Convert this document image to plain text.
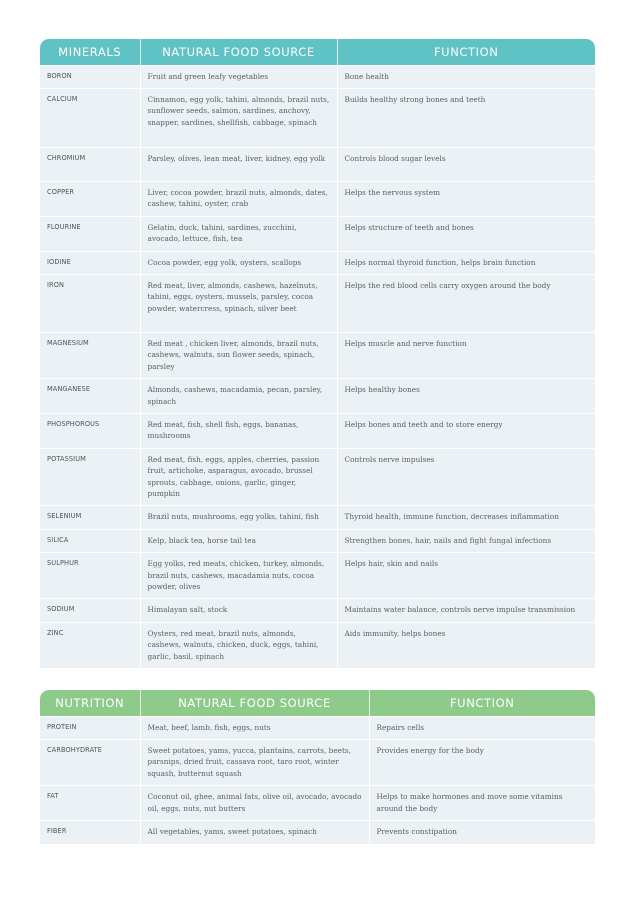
MINERALS	NATURAL FOOD SOURCE	FUNCTION
BORON	Fruit and green leafy vegetables	Bone health
CALCIUM	Cinnamon, egg yolk, tahini, almonds, brazil nuts, sunflower seeds, salmon, sardines, anchovy, snapper, sardines, shellfish, cabbage, spinach	Builds healthy strong bones and teeth
CHROMIUM	Parsley, olives, lean meat, liver, kidney, egg yolk	Controls blood sugar levels
COPPER	Liver, cocoa powder, brazil nuts, almonds, dates, cashew, tahini, oyster, crab	Helps the nervous system
FLOURINE	Gelatin, duck, tahini, sardines, zucchini, avocado, lettuce, fish, tea	Helps structure of teeth and bones
IODINE	Cocoa powder, egg yolk, oysters, scallops	Helps normal thyroid function, helps brain function
IRON	Red meat, liver, almonds, cashews, hazelnuts, tahini, eggs, oysters, mussels, parsley, cocoa powder, watercress, spinach, silver beet	Helps the red blood cells carry oxygen around the body
MAGNESIUM	Red meat , chicken liver, almonds, brazil nuts, cashews, walnuts, sun flower seeds, spinach, parsley	Helps muscle and nerve function
MANGANESE	Almonds, cashews, macadamia, pecan, parsley, spinach	Helps healthy bones
PHOSPHOROUS	Red meat, fish, shell fish, eggs, bananas, mushrooms	Helps bones and teeth and to store energy
POTASSIUM	Red meat, fish, eggs, apples, cherries, passion fruit, artichoke, asparagus, avocado, brussel sprouts, cabbage, onions, garlic, ginger, pumpkin	Controls nerve impulses
SELENIUM	Brazil nuts, mushrooms, egg yolks, tahini, fish	Thyroid health, immune function, decreases inflammation
SILICA	Kelp, black tea, horse tail tea	Strengthen bones, hair, nails and fight fungal infections
SULPHUR	Egg yolks, red meats, chicken, turkey, almonds, brazil nuts, cashews, macadamia nuts, cocoa powder, olives	Helps hair, skin and nails
SODIUM	Himalayan salt, stock	Maintains water balance, controls nerve impulse transmission
ZINC	Oysters, red meat, brazil nuts, almonds, cashews, walnuts, chicken, duck, eggs, tahini, garlic, basil, spinach	Aids immunity, helps bones
NUTRITION	NATURAL FOOD SOURCE	FUNCTION
PROTEIN	Meat, beef, lamb, fish, eggs, nuts	Repairs cells
CARBOHYDRATE	Sweet potatoes, yams, yucca, plantains, carrots, beets, parsnips, dried fruit, cassava root, taro root, winter squash, butternut squash	Provides energy for the body
FAT	Coconut oil, ghee, animal fats, olive oil, avocado, avocado oil, eggs, nuts, nut butters	Helps to make hormones and move some vitamins around the body
FIBER	All vegetables, yams, sweet potatoes, spinach	Prevents constipation
